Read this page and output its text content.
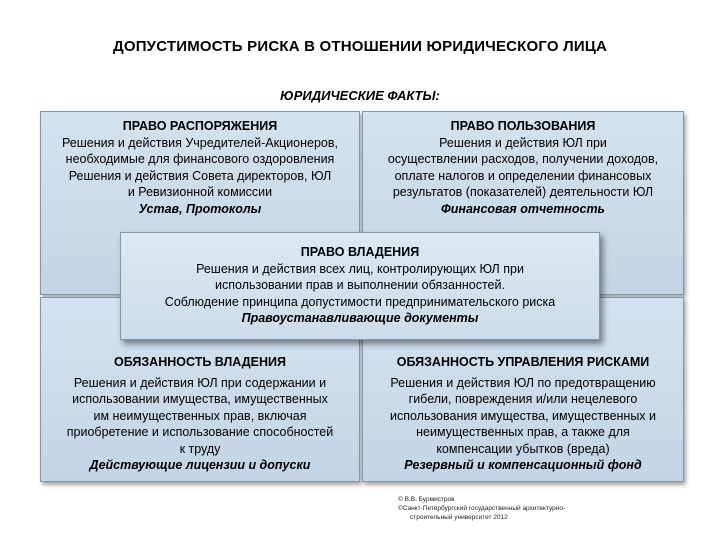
ДОПУСТИМОСТЬ РИСКА В ОТНОШЕНИИ ЮРИДИЧЕСКОГО ЛИЦА
ЮРИДИЧЕСКИЕ ФАКТЫ:
ПРАВО РАСПОРЯЖЕНИЯ
Решения и действия Учредителей-Акционеров,
необходимые для финансового оздоровления
Решения и действия Совета директоров, ЮЛ
и Ревизионной комиссии
Устав, Протоколы
ПРАВО ПОЛЬЗОВАНИЯ
Решения и действия ЮЛ при
осуществлении расходов, получении доходов,
оплате налогов и определении финансовых
результатов (показателей) деятельности ЮЛ
Финансовая отчетность
ОБЯЗАННОСТЬ ВЛАДЕНИЯ
Решения и действия ЮЛ при содержании и
использовании имущества, имущественных
им неимущественных прав, включая
приобретение и использование способностей
к труду
Действующие лицензии и допуски
ОБЯЗАННОСТЬ УПРАВЛЕНИЯ РИСКАМИ
Решения и действия ЮЛ по предотвращению
гибели, повреждения и/или нецелевого
использования имущества, имущественных и
неимущественных прав, а также для
компенсации убытков (вреда)
Резервный и компенсационный фонд
ПРАВО ВЛАДЕНИЯ
Решения и действия всех лиц, контролирующих ЮЛ при
использовании прав и выполнении обязанностей.
Соблюдение принципа допустимости предпринимательского риска
Правоустанавливающие документы
© В.В. Бурмистров
©Санкт-Петербургский государственный архитектурно-
строительный университет 2012
